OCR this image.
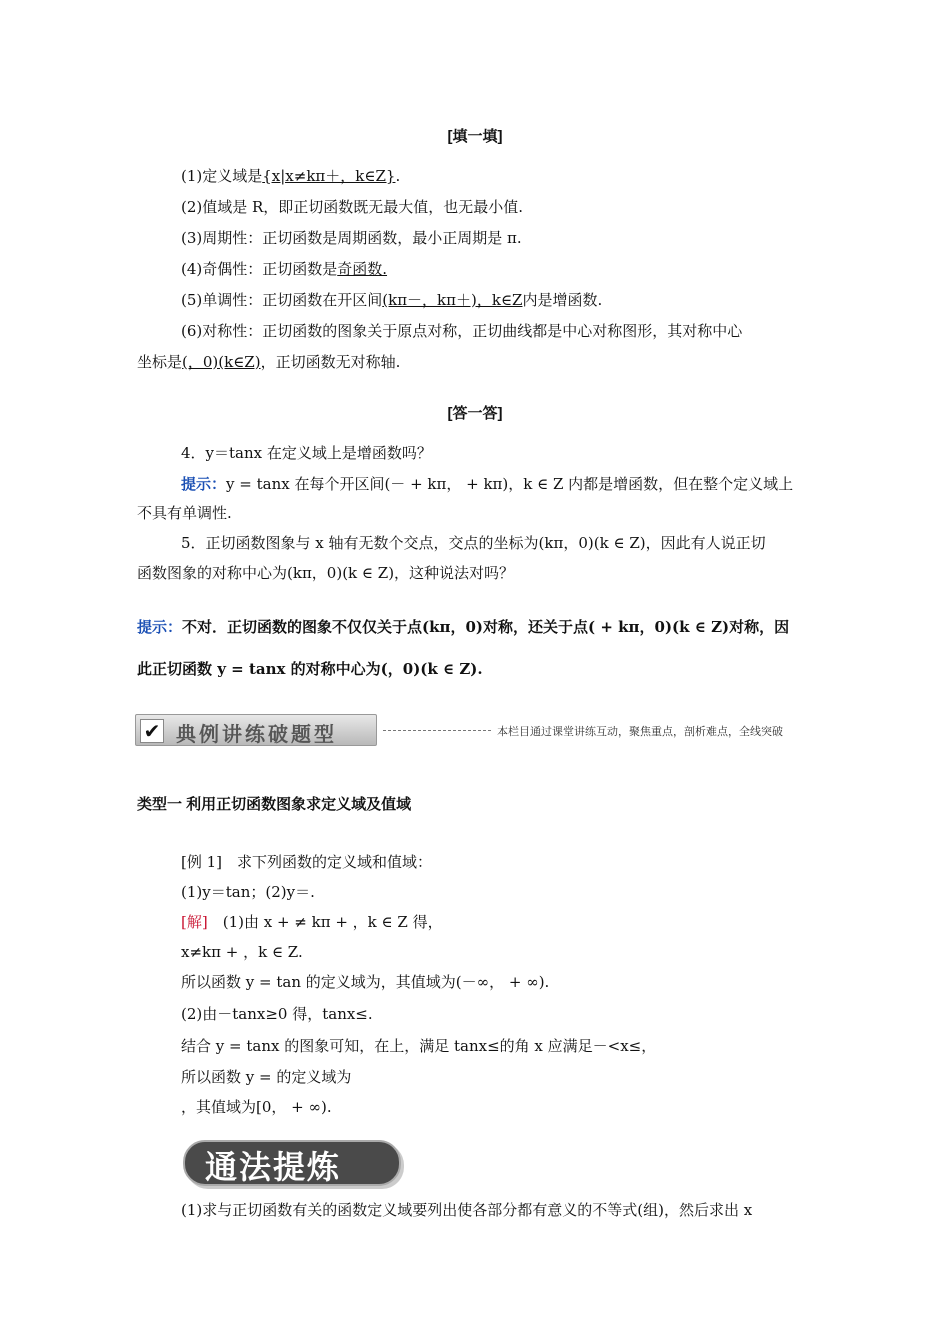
[填一填]
(1)定义域是{x|x≠kπ＋，k∈Z}.
(2)值域是 R，即正切函数既无最大值，也无最小值.
(3)周期性：正切函数是周期函数，最小正周期是 π.
(4)奇偶性：正切函数是奇函数.
(5)单调性：正切函数在开区间(kπ－，kπ＋)，k∈Z内是增函数.
(6)对称性：正切函数的图象关于原点对称，正切曲线都是中心对称图形，其对称中心
坐标是(，0)(k∈Z)，正切函数无对称轴.
[答一答]
4．y＝tanx 在定义域上是增函数吗？
提示：y = tanx 在每个开区间(－ + kπ， + kπ)，k ∈ Z 内都是增函数，但在整个定义域上
不具有单调性.
5．正切函数图象与 x 轴有无数个交点，交点的坐标为(kπ，0)(k ∈ Z)，因此有人说正切
函数图象的对称中心为(kπ，0)(k ∈ Z)，这种说法对吗？
提示：不对．正切函数的图象不仅仅关于点(kπ，0)对称，还关于点( + kπ，0)(k ∈ Z)对称，因
此正切函数 y = tanx 的对称中心为(，0)(k ∈ Z).
✔ 典例讲练破题型	本栏目通过课堂讲练互动，聚焦重点，剖析难点，全线突破
类型一 利用正切函数图象求定义域及值域
[例 1]　求下列函数的定义域和值域：
(1)y＝tan；(2)y＝.
[解]　(1)由 x + ≠ kπ + ，k ∈ Z 得，
x≠kπ + ，k ∈ Z.
所以函数 y = tan 的定义域为，其值域为(－∞， + ∞).
(2)由－tanx≥0 得，tanx≤.
结合 y = tanx 的图象可知，在上，满足 tanx≤的角 x 应满足－<x≤，
所以函数 y = 的定义域为
，其值域为[0， + ∞).
通法提炼
(1)求与正切函数有关的函数定义域要列出使各部分都有意义的不等式(组)，然后求出 x
